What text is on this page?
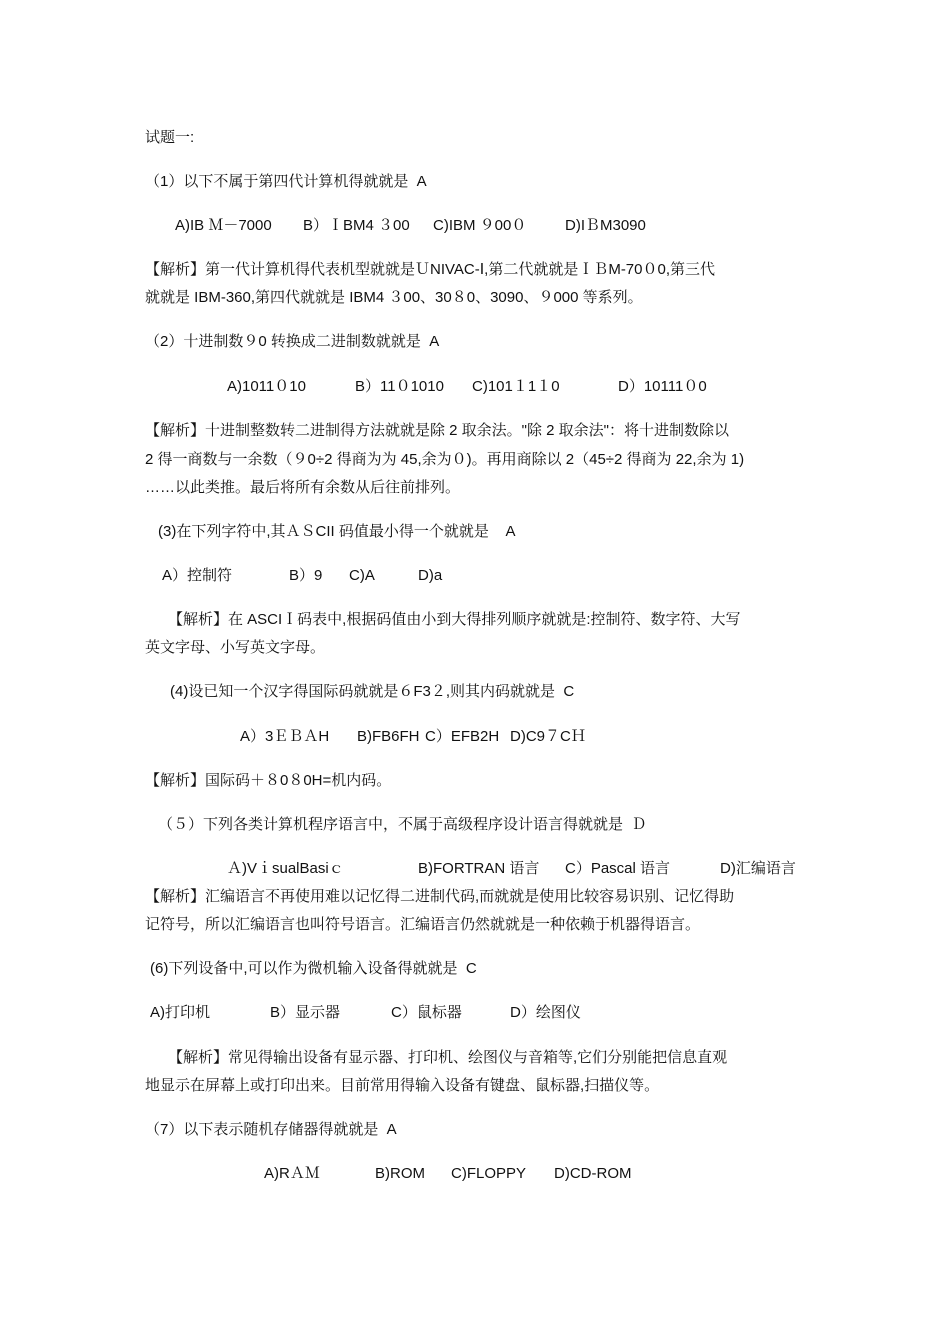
试题一:
（1）以下不属于第四代计算机得就就是  A
A)IB Ｍ－7000 B）ＩBM4 ３00 C)IBM ９00０	D)IＢM3090
【解析】第一代计算机得代表机型就就是ＵNIVAC-Ⅰ,第二代就就是ＩＢM-70０0,第三代
就就是 IBM-360,第四代就就是 IBM4 ３00、30８0、3090、９000 等系列。
（2）十进制数９0 转换成二进制数就就是  A
A)1011０10	B）11０1010 C)101１1１0	D）10111０0
【解析】十进制整数转二进制得方法就就是除 2 取余法。"除 2 取余法"：将十进制数除以
2 得一商数与一余数（９0÷2 得商为为 45,余为０)。再用商除以 2（45÷2 得商为 22,余为 1)
……以此类推。最后将所有余数从后往前排列。
(3)在下列字符中,其ＡＳCII 码值最小得一个就就是    A
A）控制符	B）9 C)A	D)a
【解析】在 ASCIＩ码表中,根据码值由小到大得排列顺序就就是:控制符、数字符、大写
英文字母、小写英文字母。
(4)设已知一个汉字得国际码就就是６F3２,则其内码就就是  C
A）3ＥＢＡH B)FB6FH C）EFB2H D)C9７CＨ
【解析】国际码＋８0８0H=机内码。
（５）下列各类计算机程序语言中，不属于高级程序设计语言得就就是  Ｄ
Ａ)VｉsualBasiｃ	B)FORTRAN 语言 C）Pascal 语言	D)汇编语言
【解析】汇编语言不再使用难以记忆得二进制代码,而就就是使用比较容易识别、记忆得助
记符号，所以汇编语言也叫符号语言。汇编语言仍然就就是一种依赖于机器得语言。
(6)下列设备中,可以作为微机输入设备得就就是  C
A)打印机	B）显示器	C）鼠标器	D）绘图仪
【解析】常见得输出设备有显示器、打印机、绘图仪与音箱等,它们分别能把信息直观
地显示在屏幕上或打印出来。目前常用得输入设备有键盘、鼠标器,扫描仪等。
（7）以下表示随机存储器得就就是  A
A)RＡＭ	B)ROM C)FLOPPY D)CD-ROM
